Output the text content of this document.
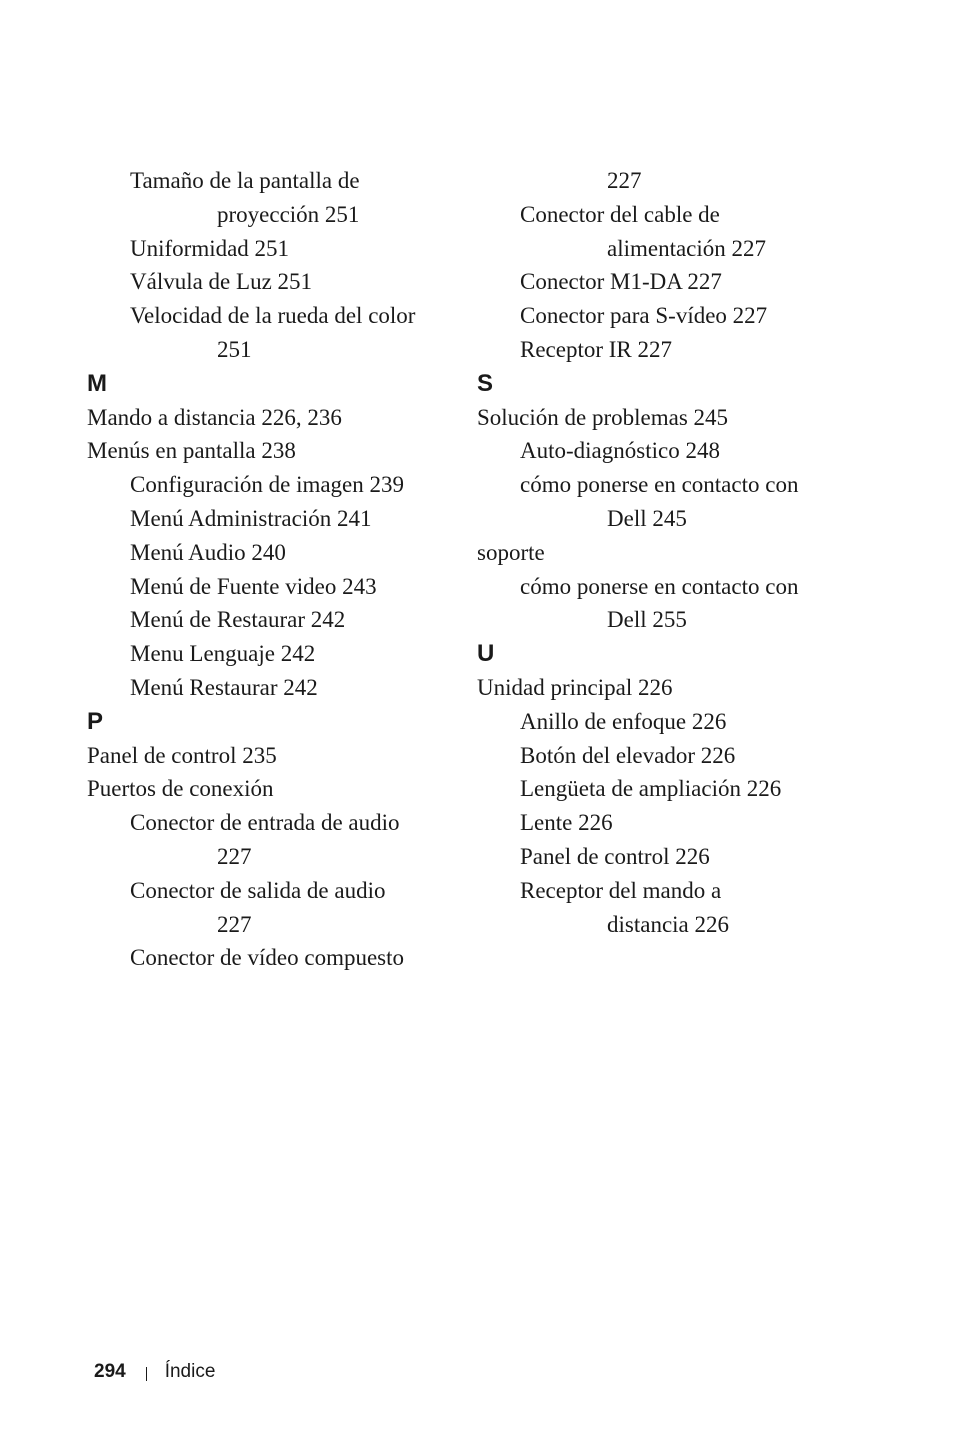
Tamaño de la pantalla de
proyección 251
Uniformidad 251
Válvula de Luz 251
Velocidad de la rueda del color
251
M
Mando a distancia 226, 236
Menús en pantalla 238
Configuración de imagen 239
Menú Administración 241
Menú Audio 240
Menú de Fuente video 243
Menú de Restaurar 242
Menu Lenguaje 242
Menú Restaurar 242
P
Panel de control 235
Puertos de conexión
Conector de entrada de audio
227
Conector de salida de audio
227
Conector de vídeo compuesto
227
Conector del cable de
alimentación 227
Conector M1-DA 227
Conector para S-vídeo 227
Receptor IR 227
S
Solución de problemas 245
Auto-diagnóstico 248
cómo ponerse en contacto con
Dell 245
soporte
cómo ponerse en contacto con
Dell 255
U
Unidad principal 226
Anillo de enfoque 226
Botón del elevador 226
Lengüeta de ampliación 226
Lente 226
Panel de control 226
Receptor del mando a
distancia 226
294 Índice
